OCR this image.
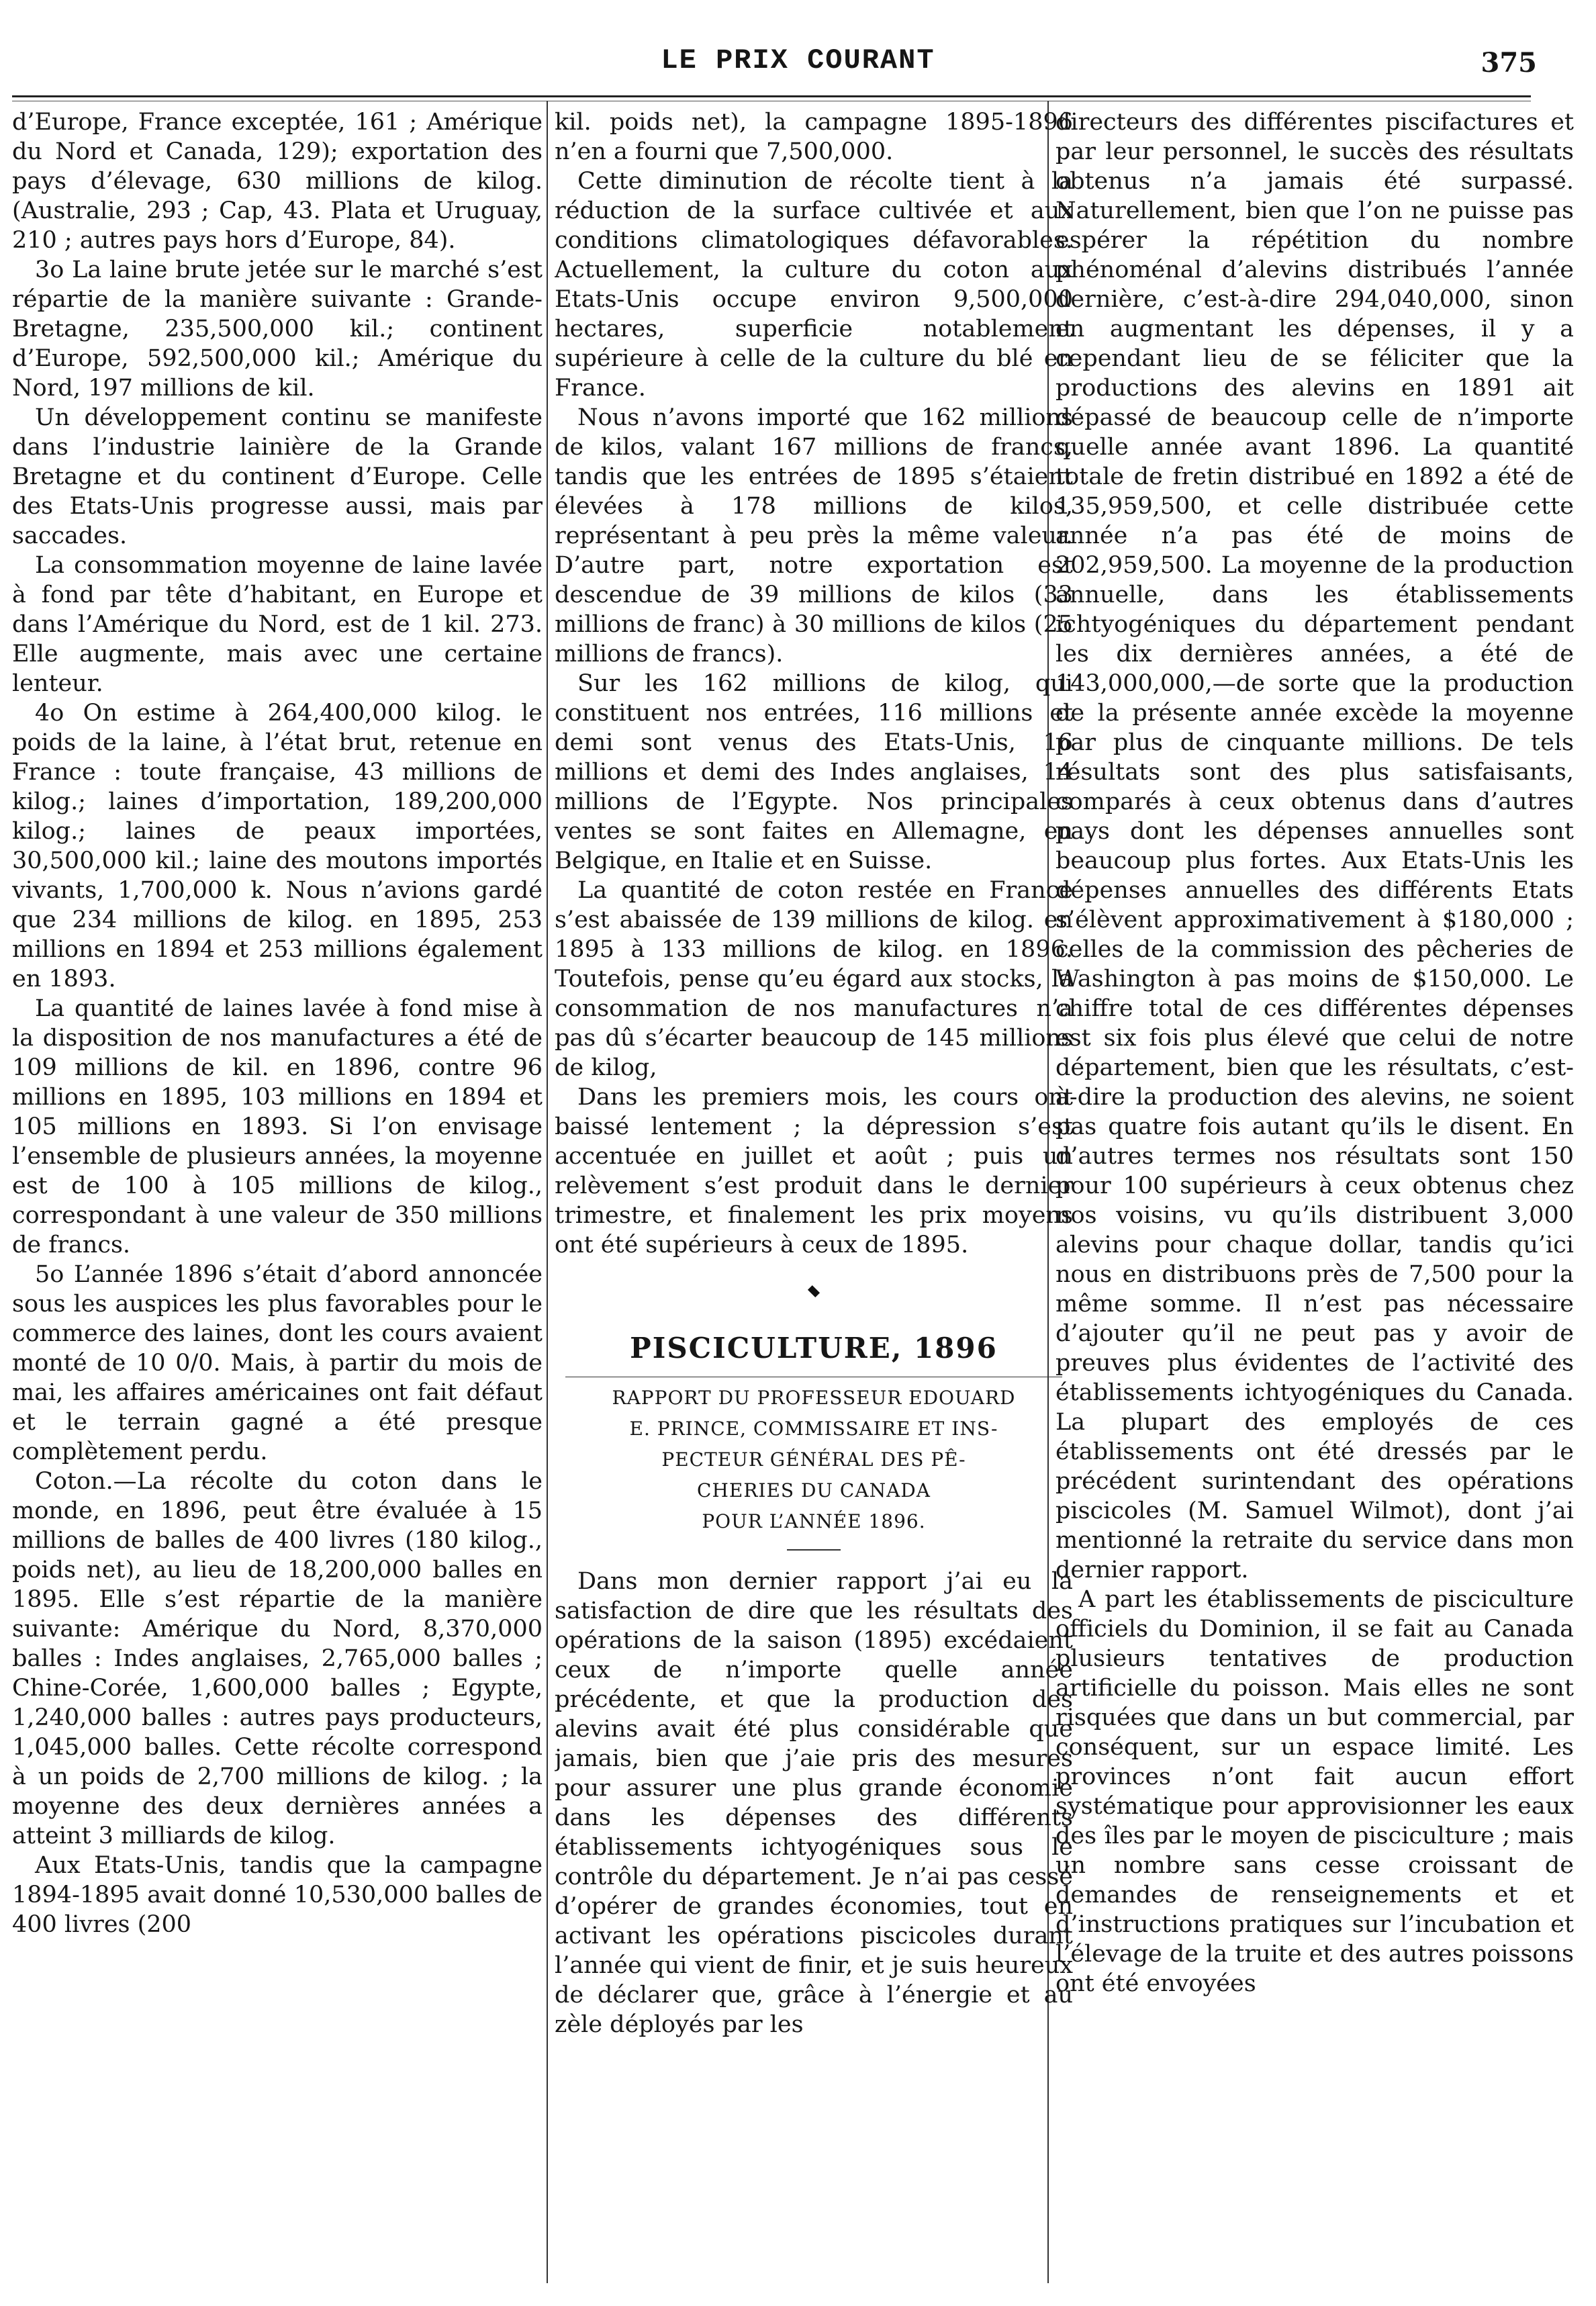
LE PRIX COURANT	375

d’Europe, France exceptée, 161 ; Amérique du Nord et Canada, 129); exportation des pays d’élevage, 630 millions de kilog. (Australie, 293 ; Cap, 43. Plata et Uruguay, 210 ; autres pays hors d’Europe, 84).

3o La laine brute jetée sur le marché s’est répartie de la manière suivante : Grande-Bretagne, 235,500,000 kil.; continent d’Europe, 592,500,000 kil.; Amérique du Nord, 197 millions de kil.

Un développement continu se manifeste dans l’industrie lainière de la Grande Bretagne et du continent d’Europe. Celle des Etats-Unis progresse aussi, mais par saccades.

La consommation moyenne de laine lavée à fond par tête d’habitant, en Europe et dans l’Amérique du Nord, est de 1 kil. 273. Elle augmente, mais avec une certaine lenteur.

4o On estime à 264,400,000 kilog. le poids de la laine, à l’état brut, retenue en France : toute française, 43 millions de kilog.; laines d’importation, 189,200,000 kilog.; laines de peaux importées, 30,500,000 kil.; laine des moutons importés vivants, 1,700,000 k. Nous n’avions gardé que 234 millions de kilog. en 1895, 253 millions en 1894 et 253 millions également en 1893.

La quantité de laines lavée à fond mise à la disposition de nos manufactures a été de 109 millions de kil. en 1896, contre 96 millions en 1895, 103 millions en 1894 et 105 millions en 1893. Si l’on envisage l’ensemble de plusieurs années, la moyenne est de 100 à 105 millions de kilog., correspondant à une valeur de 350 millions de francs.

5o L’année 1896 s’était d’abord annoncée sous les auspices les plus favorables pour le commerce des laines, dont les cours avaient monté de 10 0/0. Mais, à partir du mois de mai, les affaires américaines ont fait défaut et le terrain gagné a été presque complètement perdu.

Coton.—La récolte du coton dans le monde, en 1896, peut être évaluée à 15 millions de balles de 400 livres (180 kilog., poids net), au lieu de 18,200,000 balles en 1895. Elle s’est répartie de la manière suivante: Amérique du Nord, 8,370,000 balles : Indes anglaises, 2,765,000 balles ; Chine-Corée, 1,600,000 balles ; Egypte, 1,240,000 balles : autres pays producteurs, 1,045,000 balles. Cette récolte correspond à un poids de 2,700 millions de kilog. ; la moyenne des deux dernières années a atteint 3 milliards de kilog.

Aux Etats-Unis, tandis que la campagne 1894-1895 avait donné 10,530,000 balles de 400 livres (200

kil. poids net), la campagne 1895-1896 n’en a fourni que 7,500,000.

Cette diminution de récolte tient à la réduction de la surface cultivée et aux conditions climatologiques défavorables. Actuellement, la culture du coton aux Etats-Unis occupe environ 9,500,000 hectares, superficie notablement supérieure à celle de la culture du blé en France.

Nous n’avons importé que 162 millions de kilos, valant 167 millions de francs, tandis que les entrées de 1895 s’étaient élevées à 178 millions de kilos, représentant à peu près la même valeur. D’autre part, notre exportation est descendue de 39 millions de kilos (33 millions de franc) à 30 millions de kilos (25 millions de francs).

Sur les 162 millions de kilog, qui constituent nos entrées, 116 millions et demi sont venus des Etats-Unis, 16 millions et demi des Indes anglaises, 14 millions de l’Egypte. Nos principales ventes se sont faites en Allemagne, en Belgique, en Italie et en Suisse.

La quantité de coton restée en France s’est abaissée de 139 millions de kilog. en 1895 à 133 millions de kilog. en 1896. Toutefois, pense qu’eu égard aux stocks, la consommation de nos manufactures n’a pas dû s’écarter beaucoup de 145 millions de kilog,

Dans les premiers mois, les cours ont baissé lentement ; la dépression s’est accentuée en juillet et août ; puis un relèvement s’est produit dans le dernier trimestre, et finalement les prix moyens ont été supérieurs à ceux de 1895.

PISCICULTURE, 1896
RAPPORT DU PROFESSEUR EDOUARD
E. PRINCE, COMMISSAIRE ET INS-
PECTEUR GÉNÉRAL DES PÊ-
CHERIES DU CANADA
POUR L’ANNÉE 1896.

Dans mon dernier rapport j’ai eu la satisfaction de dire que les résultats des opérations de la saison (1895) excédaient ceux de n’importe quelle année précédente, et que la production des alevins avait été plus considérable que jamais, bien que j’aie pris des mesures pour assurer une plus grande économie dans les dépenses des différents établissements ichtyogéniques sous le contrôle du département. Je n’ai pas cessé d’opérer de grandes économies, tout en activant les opérations piscicoles durant l’année qui vient de finir, et je suis heureux de déclarer que, grâce à l’énergie et au zèle déployés par les

directeurs des différentes piscifactures et par leur personnel, le succès des résultats obtenus n’a jamais été surpassé. Naturellement, bien que l’on ne puisse pas espérer la répétition du nombre phénoménal d’alevins distribués l’année dernière, c’est-à-dire 294,040,000, sinon en augmentant les dépenses, il y a cependant lieu de se féliciter que la productions des alevins en 1891 ait dépassé de beaucoup celle de n’importe quelle année avant 1896. La quantité totale de fretin distribué en 1892 a été de 135,959,500, et celle distribuée cette année n’a pas été de moins de 202,959,500. La moyenne de la production annuelle, dans les établissements ichtyogéniques du département pendant les dix dernières années, a été de 143,000,000,—de sorte que la production de la présente année excède la moyenne par plus de cinquante millions. De tels résultats sont des plus satisfaisants, comparés à ceux obtenus dans d’autres pays dont les dépenses annuelles sont beaucoup plus fortes. Aux Etats-Unis les dépenses annuelles des différents Etats s’élèvent approximativement à $180,000 ; celles de la commission des pêcheries de Washington à pas moins de $150,000. Le chiffre total de ces différentes dépenses est six fois plus élevé que celui de notre département, bien que les résultats, c’est-à-dire la production des alevins, ne soient pas quatre fois autant qu’ils le disent. En d’autres termes nos résultats sont 150 pour 100 supérieurs à ceux obtenus chez nos voisins, vu qu’ils distribuent 3,000 alevins pour chaque dollar, tandis qu’ici nous en distribuons près de 7,500 pour la même somme. Il n’est pas nécessaire d’ajouter qu’il ne peut pas y avoir de preuves plus évidentes de l’activité des établissements ichtyogéniques du Canada. La plupart des employés de ces établissements ont été dressés par le précédent surintendant des opérations piscicoles (M. Samuel Wilmot), dont j’ai mentionné la retraite du service dans mon dernier rapport.

A part les établissements de pisciculture officiels du Dominion, il se fait au Canada plusieurs tentatives de production artificielle du poisson. Mais elles ne sont risquées que dans un but commercial, par conséquent, sur un espace limité. Les provinces n’ont fait aucun effort systématique pour approvisionner les eaux des îles par le moyen de pisciculture ; mais un nombre sans cesse croissant de demandes de renseignements et et d’instructions pratiques sur l’incubation et l’élevage de la truite et des autres poissons ont été envoyées
